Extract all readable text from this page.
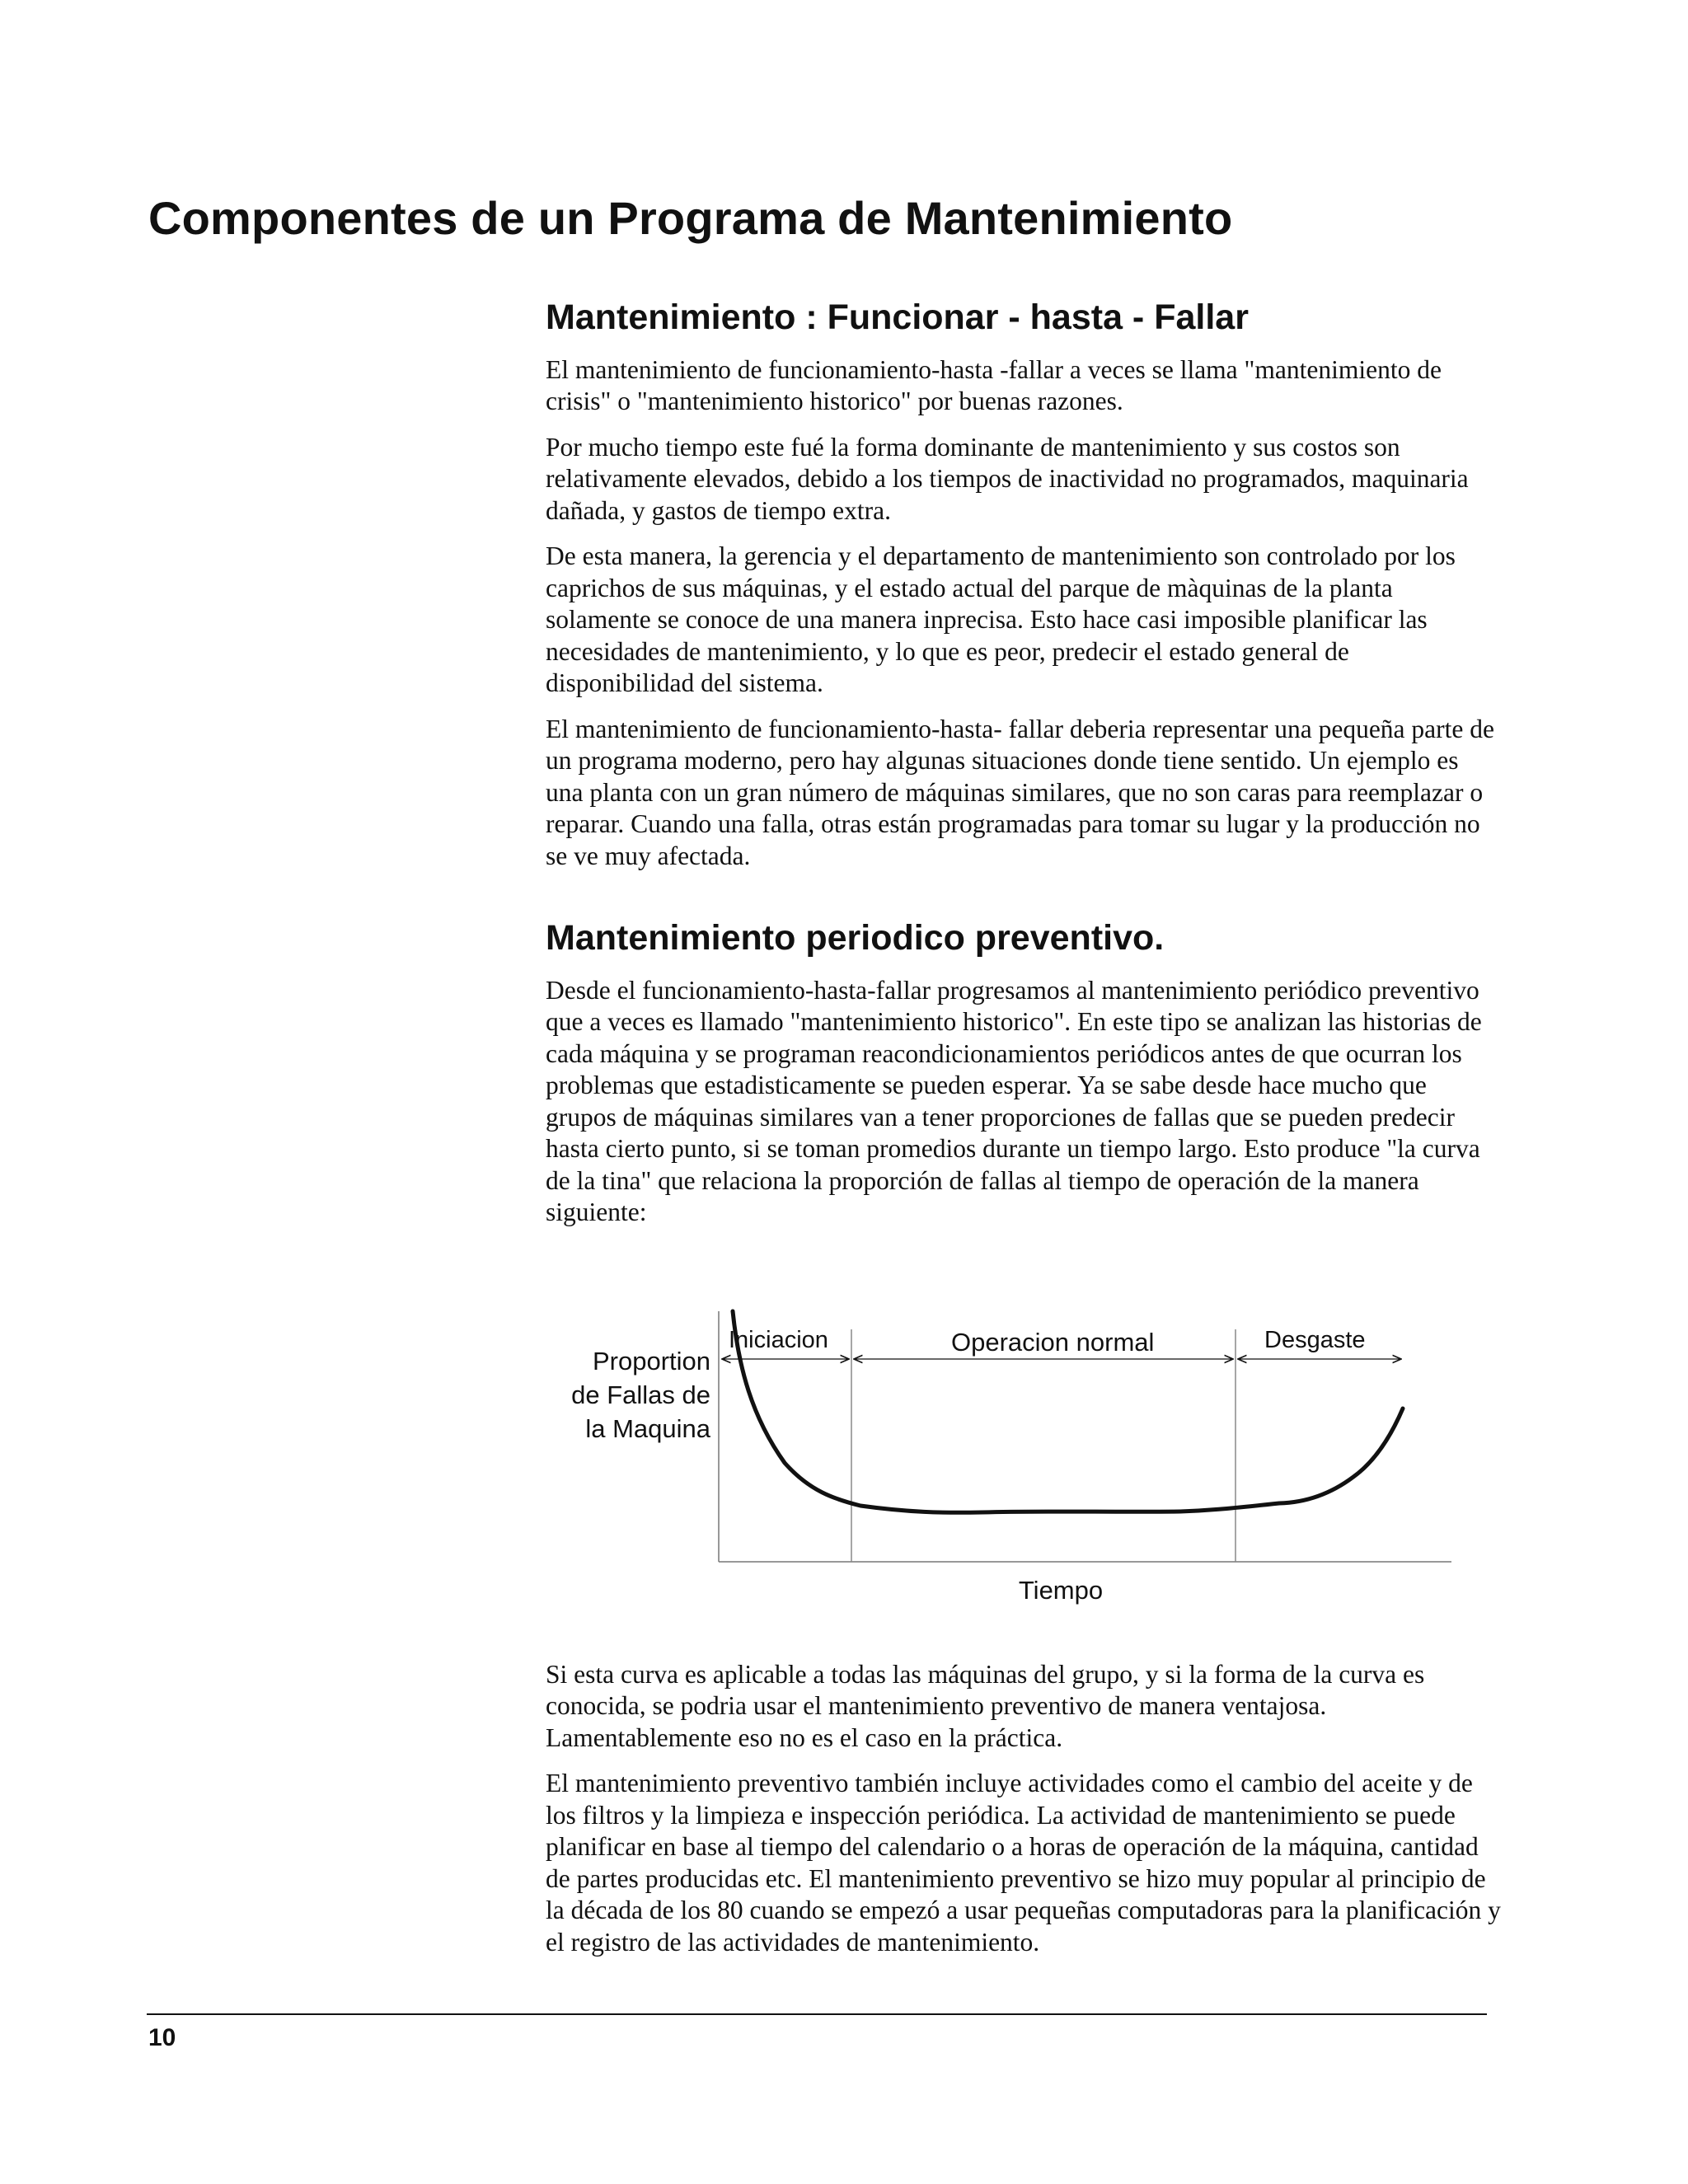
Componentes de un Programa de Mantenimiento
Mantenimiento : Funcionar - hasta - Fallar

El mantenimiento de funcionamiento-hasta -fallar a veces se llama "mantenimiento de crisis" o "mantenimiento historico" por buenas razones.

Por mucho tiempo este fué la forma dominante de mantenimiento y sus costos son relativamente elevados, debido a los tiempos de inactividad no programados, maquinaria dañada, y gastos de tiempo extra.

De esta manera, la gerencia y el departamento de mantenimiento son controlado por los caprichos de sus máquinas, y el estado actual del parque de màquinas de la planta solamente se conoce de una manera inprecisa. Esto hace casi imposible planificar las necesidades de mantenimiento, y lo que es peor, predecir el estado general de disponibilidad del sistema.

El mantenimiento de funcionamiento-hasta- fallar deberia representar una pequeña parte de un programa moderno, pero hay algunas situaciones donde tiene sentido. Un ejemplo es una planta con un gran número de máquinas similares, que no son caras para reemplazar o reparar. Cuando una falla, otras están programadas para tomar su lugar y la producción no se ve muy afectada.

Mantenimiento periodico preventivo.

Desde el funcionamiento-hasta-fallar progresamos al mantenimiento periódico preventivo que a veces es llamado "mantenimiento historico". En este tipo se analizan las historias de cada máquina y se programan reacondicionamientos periódicos antes de que ocurran los problemas que estadisticamente se pueden esperar. Ya se sabe desde hace mucho que grupos de máquinas similares van a tener proporciones de fallas que se pueden predecir hasta cierto punto, si se toman promedios durante un tiempo largo. Esto produce "la curva de la tina" que relaciona la proporción de fallas al tiempo de operación de la manera siguiente:

Proportion
de Fallas de
la Maquina
Iniciacion	Operacion normal	Desgaste
Tiempo

Si esta curva es aplicable a todas las máquinas del grupo, y si la forma de la curva es conocida, se podria usar el mantenimiento preventivo de manera ventajosa. Lamentablemente eso no es el caso en la práctica.

El mantenimiento preventivo también incluye actividades como el cambio del aceite y de los filtros y la limpieza e inspección periódica. La actividad de mantenimiento se puede planificar en base al tiempo del calendario o a horas de operación de la máquina, cantidad de partes producidas etc. El mantenimiento preventivo se hizo muy popular al principio de la década de los 80 cuando se empezó a usar pequeñas computadoras para la planificación y el registro de las actividades de mantenimiento.

10
